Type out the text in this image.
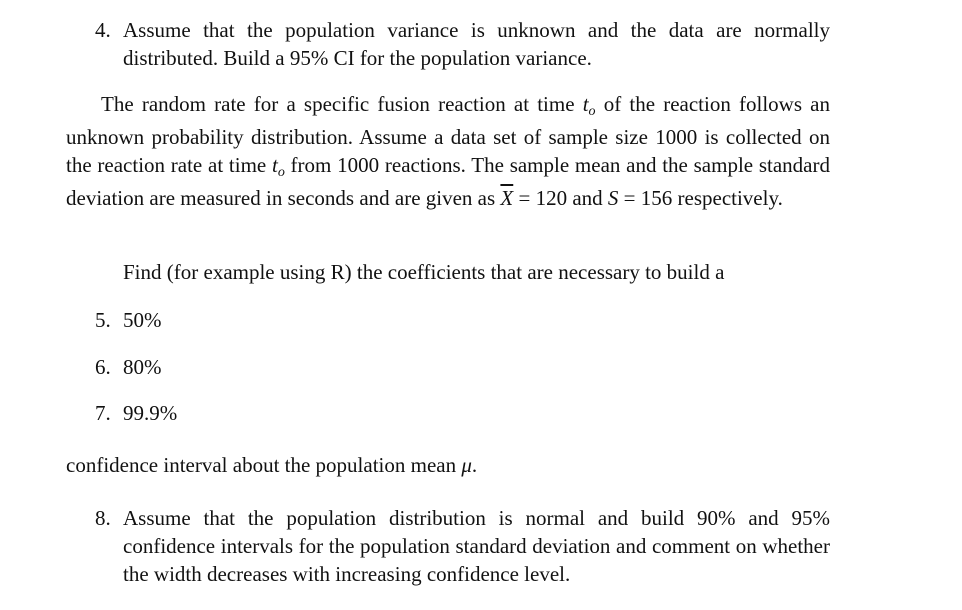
4. Assume that the population variance is unknown and the data are normally distributed. Build a 95% CI for the population variance.
The random rate for a specific fusion reaction at time to of the reaction follows an unknown probability distribution. Assume a data set of sample size 1000 is collected on the reaction rate at time to from 1000 reactions. The sample mean and the sample standard deviation are measured in seconds and are given as $\overline{X} = 120$ and S = 156 respectively.
Find (for example using R) the coefficients that are necessary to build a
5. 50%
6. 80%
7. 99.9%
confidence interval about the population mean μ.
8. Assume that the population distribution is normal and build 90% and 95% confidence intervals for the population standard deviation and comment on whether the width decreases with increasing confidence level.
